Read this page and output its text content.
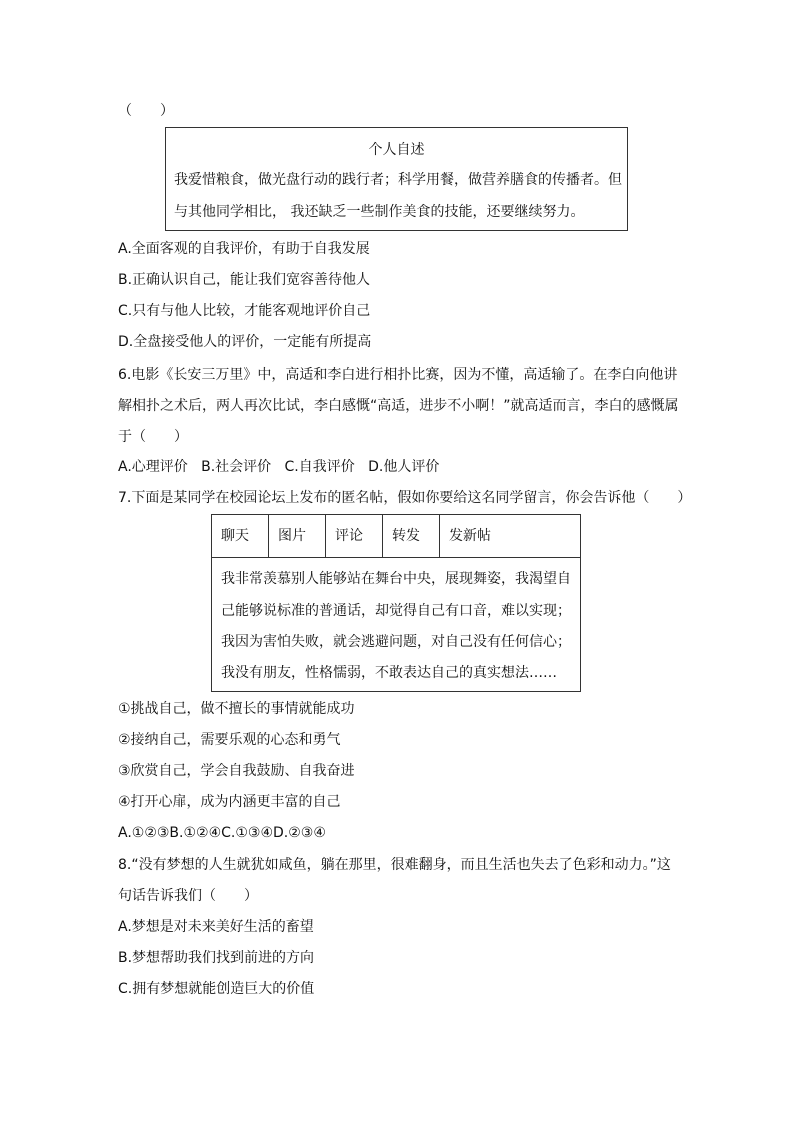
（　　）
个人自述
我爱惜粮食，做光盘行动的践行者；科学用餐，做营养膳食的传播者。但
与其他同学相比， 我还缺乏一些制作美食的技能，还要继续努力。
A.全面客观的自我评价，有助于自我发展
B.正确认识自己，能让我们宽容善待他人
C.只有与他人比较，才能客观地评价自己
D.全盘接受他人的评价，一定能有所提高
6.电影《长安三万里》中，高适和李白进行相扑比赛，因为不懂，高适输了。在李白向他讲
解相扑之术后，两人再次比试，李白感慨“高适，进步不小啊！”就高适而言，李白的感慨属
于（　　）
A.心理评价   B.社会评价   C.自我评价   D.他人评价
7.下面是某同学在校园论坛上发布的匿名帖，假如你要给这名同学留言，你会告诉他（　　）
聊天	图片	评论	转发	发新帖
我非常羡慕别人能够站在舞台中央，展现舞姿，我渴望自
己能够说标准的普通话，却觉得自己有口音，难以实现；
我因为害怕失败，就会逃避问题，对自己没有任何信心；
我没有朋友，性格懦弱，不敢表达自己的真实想法……
①挑战自己，做不擅长的事情就能成功
②接纳自己，需要乐观的心态和勇气
③欣赏自己，学会自我鼓励、自我奋进
④打开心扉，成为内涵更丰富的自己
A.①②③B.①②④C.①③④D.②③④
8.“没有梦想的人生就犹如咸鱼，躺在那里，很难翻身，而且生活也失去了色彩和动力。”这
句话告诉我们（　　）
A.梦想是对未来美好生活的畜望
B.梦想帮助我们找到前进的方向
C.拥有梦想就能创造巨大的价值
